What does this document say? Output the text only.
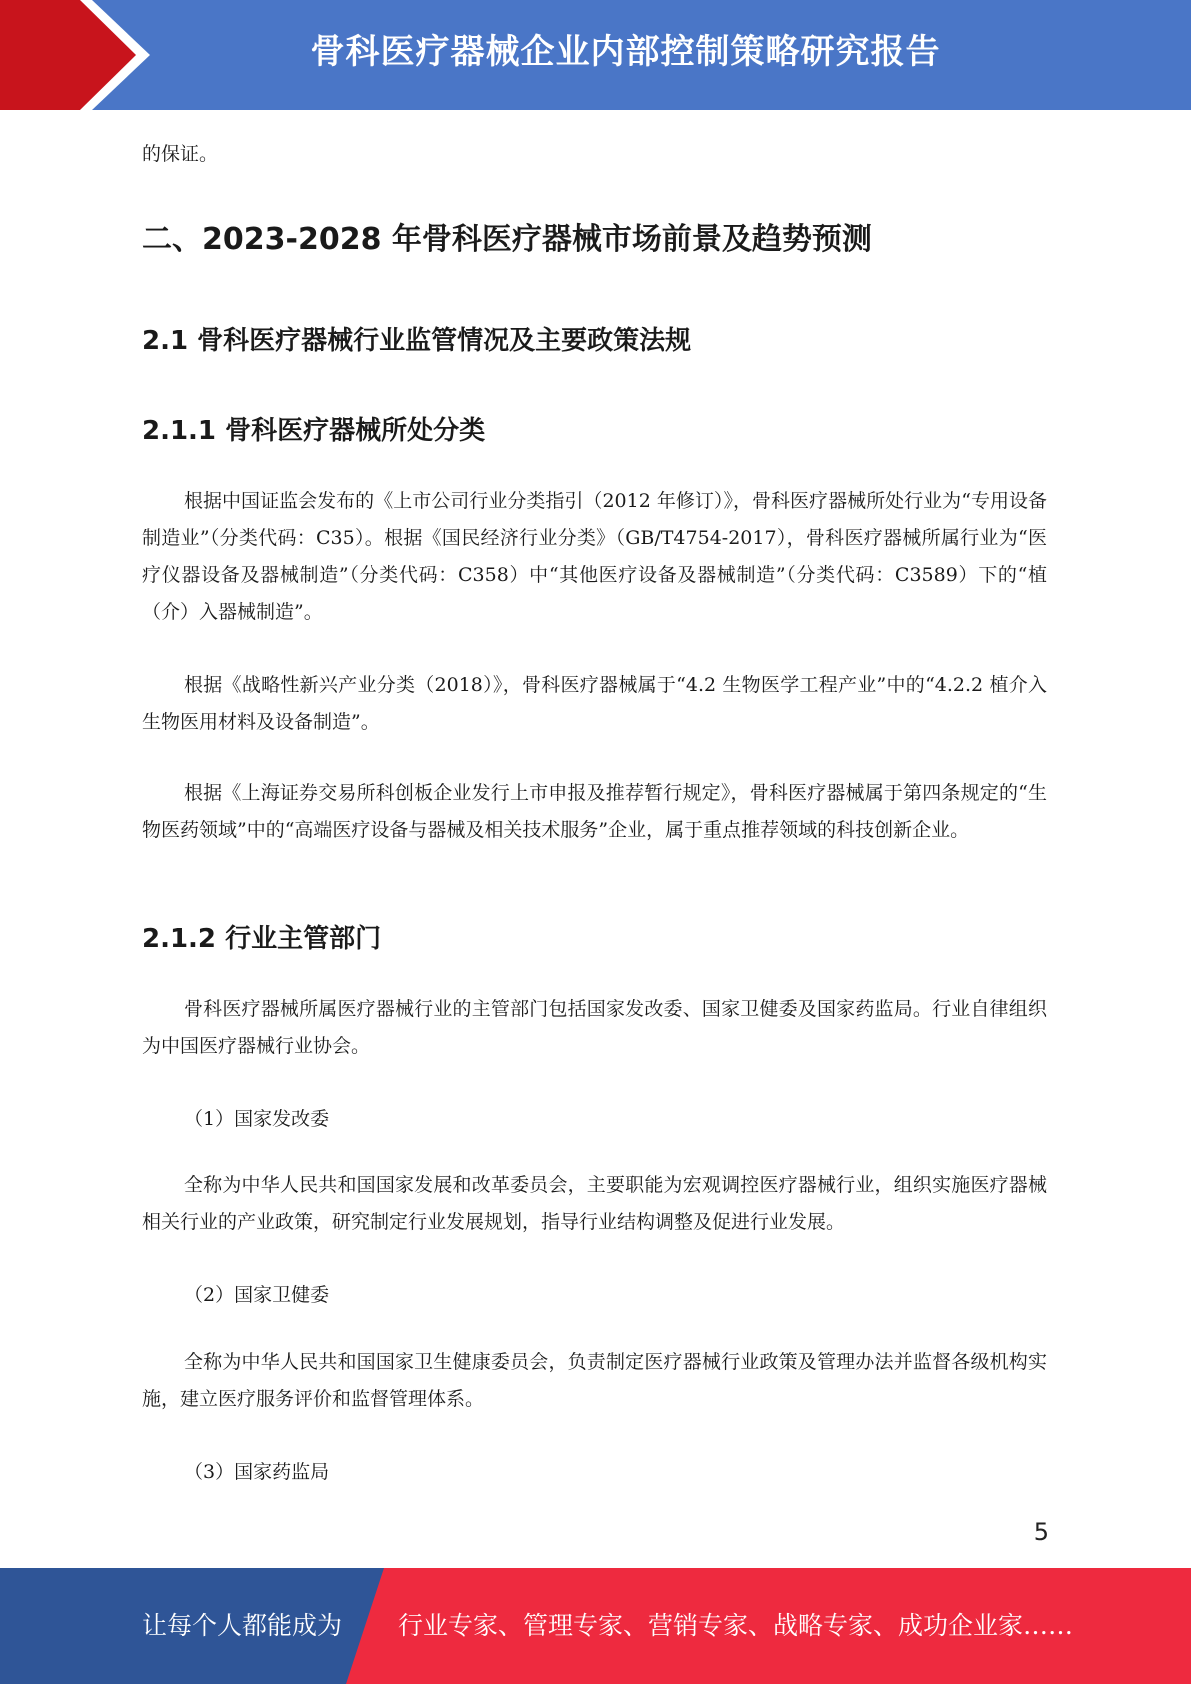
骨科医疗器械企业内部控制策略研究报告

的保证。

二、2023-2028 年骨科医疗器械市场前景及趋势预测
2.1 骨科医疗器械行业监管情况及主要政策法规
2.1.1 骨科医疗器械所处分类

根据中国证监会发布的《上市公司行业分类指引（2012 年修订）》，骨科医疗器械所处行业为“专用设备制造业”（分类代码：C35）。根据《国民经济行业分类》（GB/T4754-2017），骨科医疗器械所属行业为“医疗仪器设备及器械制造”（分类代码：C358）中“其他医疗设备及器械制造”（分类代码：C3589）下的“植（介）入器械制造”。

根据《战略性新兴产业分类（2018）》，骨科医疗器械属于“4.2 生物医学工程产业”中的“4.2.2 植介入生物医用材料及设备制造”。

根据《上海证券交易所科创板企业发行上市申报及推荐暂行规定》，骨科医疗器械属于第四条规定的“生物医药领域”中的“高端医疗设备与器械及相关技术服务”企业，属于重点推荐领域的科技创新企业。

2.1.2 行业主管部门

骨科医疗器械所属医疗器械行业的主管部门包括国家发改委、国家卫健委及国家药监局。行业自律组织为中国医疗器械行业协会。

（1）国家发改委

全称为中华人民共和国国家发展和改革委员会，主要职能为宏观调控医疗器械行业，组织实施医疗器械相关行业的产业政策，研究制定行业发展规划，指导行业结构调整及促进行业发展。

（2）国家卫健委

全称为中华人民共和国国家卫生健康委员会，负责制定医疗器械行业政策及管理办法并监督各级机构实施，建立医疗服务评价和监督管理体系。

（3）国家药监局

5
让每个人都能成为 行业专家、管理专家、营销专家、战略专家、成功企业家……
